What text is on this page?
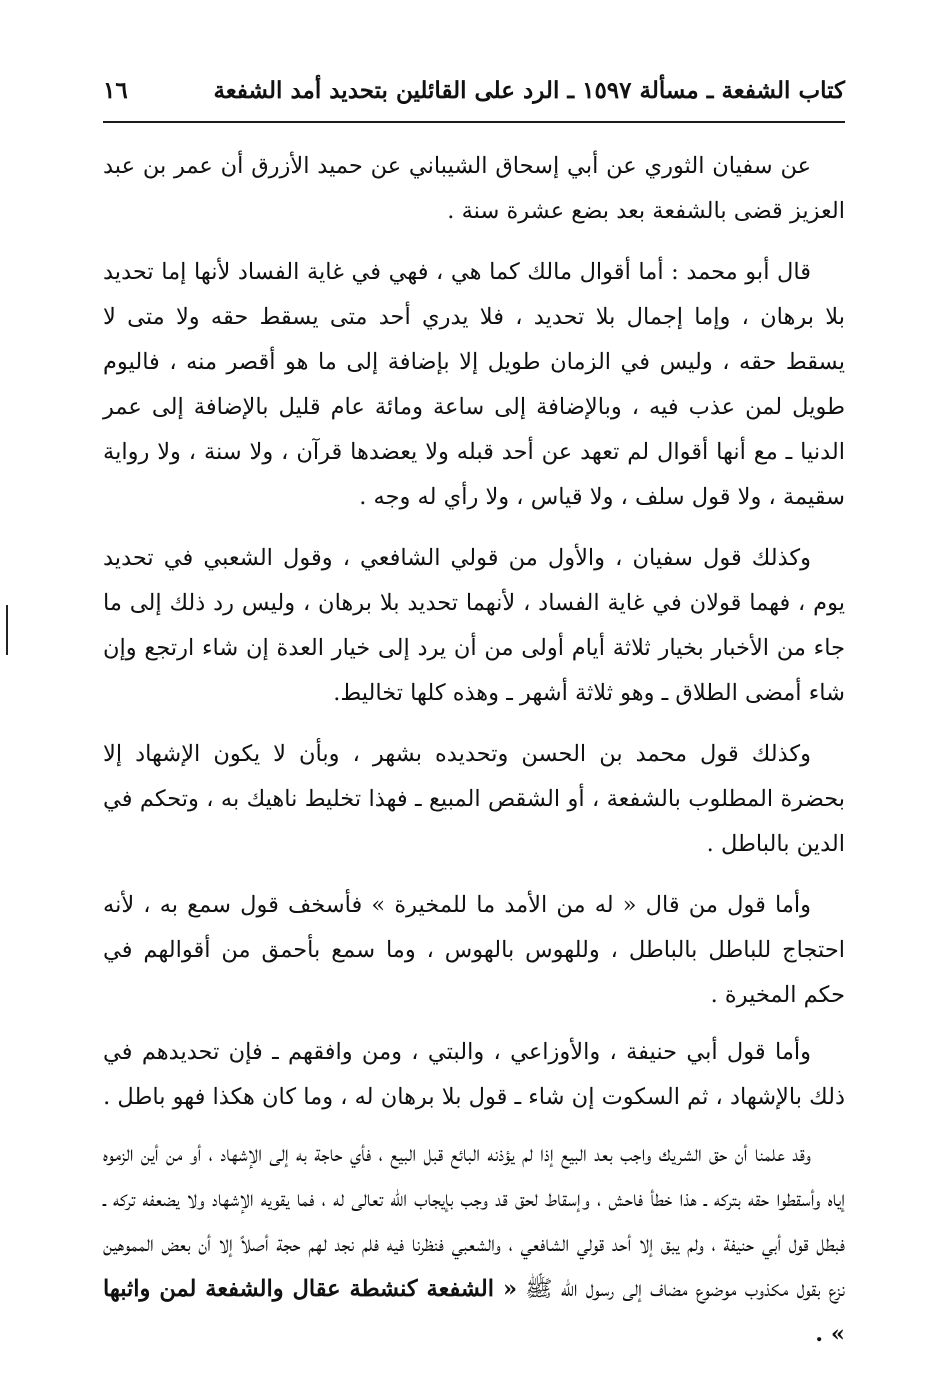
كتاب الشفعة ـ مسألة ١٥٩٧ ـ الرد على القائلين بتحديد أمد الشفعة
١٦

عن سفيان الثوري عن أبي إسحاق الشيباني عن حميد الأزرق أن عمر بن عبد العزيز قضى بالشفعة بعد بضع عشرة سنة .

قال أبو محمد : أما أقوال مالك كما هي ، فهي في غاية الفساد لأنها إما تحديد بلا برهان ، وإما إجمال بلا تحديد ، فلا يدري أحد متى يسقط حقه ولا متى لا يسقط حقه ، وليس في الزمان طويل إلا بإضافة إلى ما هو أقصر منه ، فاليوم طويل لمن عذب فيه ، وبالإضافة إلى ساعة ومائة عام قليل بالإضافة إلى عمر الدنيا ـ مع أنها أقوال لم تعهد عن أحد قبله ولا يعضدها قرآن ، ولا سنة ، ولا رواية سقيمة ، ولا قول سلف ، ولا قياس ، ولا رأي له وجه .

وكذلك قول سفيان ، والأول من قولي الشافعي ، وقول الشعبي في تحديد يوم ، فهما قولان في غاية الفساد ، لأنهما تحديد بلا برهان ، وليس رد ذلك إلى ما جاء من الأخبار بخيار ثلاثة أيام أولى من أن يرد إلى خيار العدة إن شاء ارتجع وإن شاء أمضى الطلاق ـ وهو ثلاثة أشهر ـ وهذه كلها تخاليط.

وكذلك قول محمد بن الحسن وتحديده بشهر ، وبأن لا يكون الإشهاد إلا بحضرة المطلوب بالشفعة ، أو الشقص المبيع ـ فهذا تخليط ناهيك به ، وتحكم في الدين بالباطل .

وأما قول من قال « له من الأمد ما للمخيرة » فأسخف قول سمع به ، لأنه احتجاج للباطل بالباطل ، وللهوس بالهوس ، وما سمع بأحمق من أقوالهم في حكم المخيرة .

وأما قول أبي حنيفة ، والأوزاعي ، والبتي ، ومن وافقهم ـ فإن تحديدهم في ذلك بالإشهاد ، ثم السكوت إن شاء ـ قول بلا برهان له ، وما كان هكذا فهو باطل .

وقد علمنا أن حق الشريك واجب بعد البيع إذا لم يؤذنه البائع قبل البيع ، فأي حاجة به إلى الإشهاد ، أو من أين الزموه إياه وأسقطوا حقه بتركه ـ هذا خطأ فاحش ، وإسقاط لحق قد وجب بإيجاب الله تعالى له ، فما يقويه الإشهاد ولا يضعفه تركه ـ فبطل قول أبي حنيفة ، ولم يبق إلا أحد قولي الشافعي ، والشعبي فنظرنا فيه فلم نجد لهم حجة أصلاً إلا أن بعض المموهين نزع بقول مكذوب موضوع مضاف إلى رسول الله ﷺ « الشفعة كنشطة عقال والشفعة لمن واثبها » .
